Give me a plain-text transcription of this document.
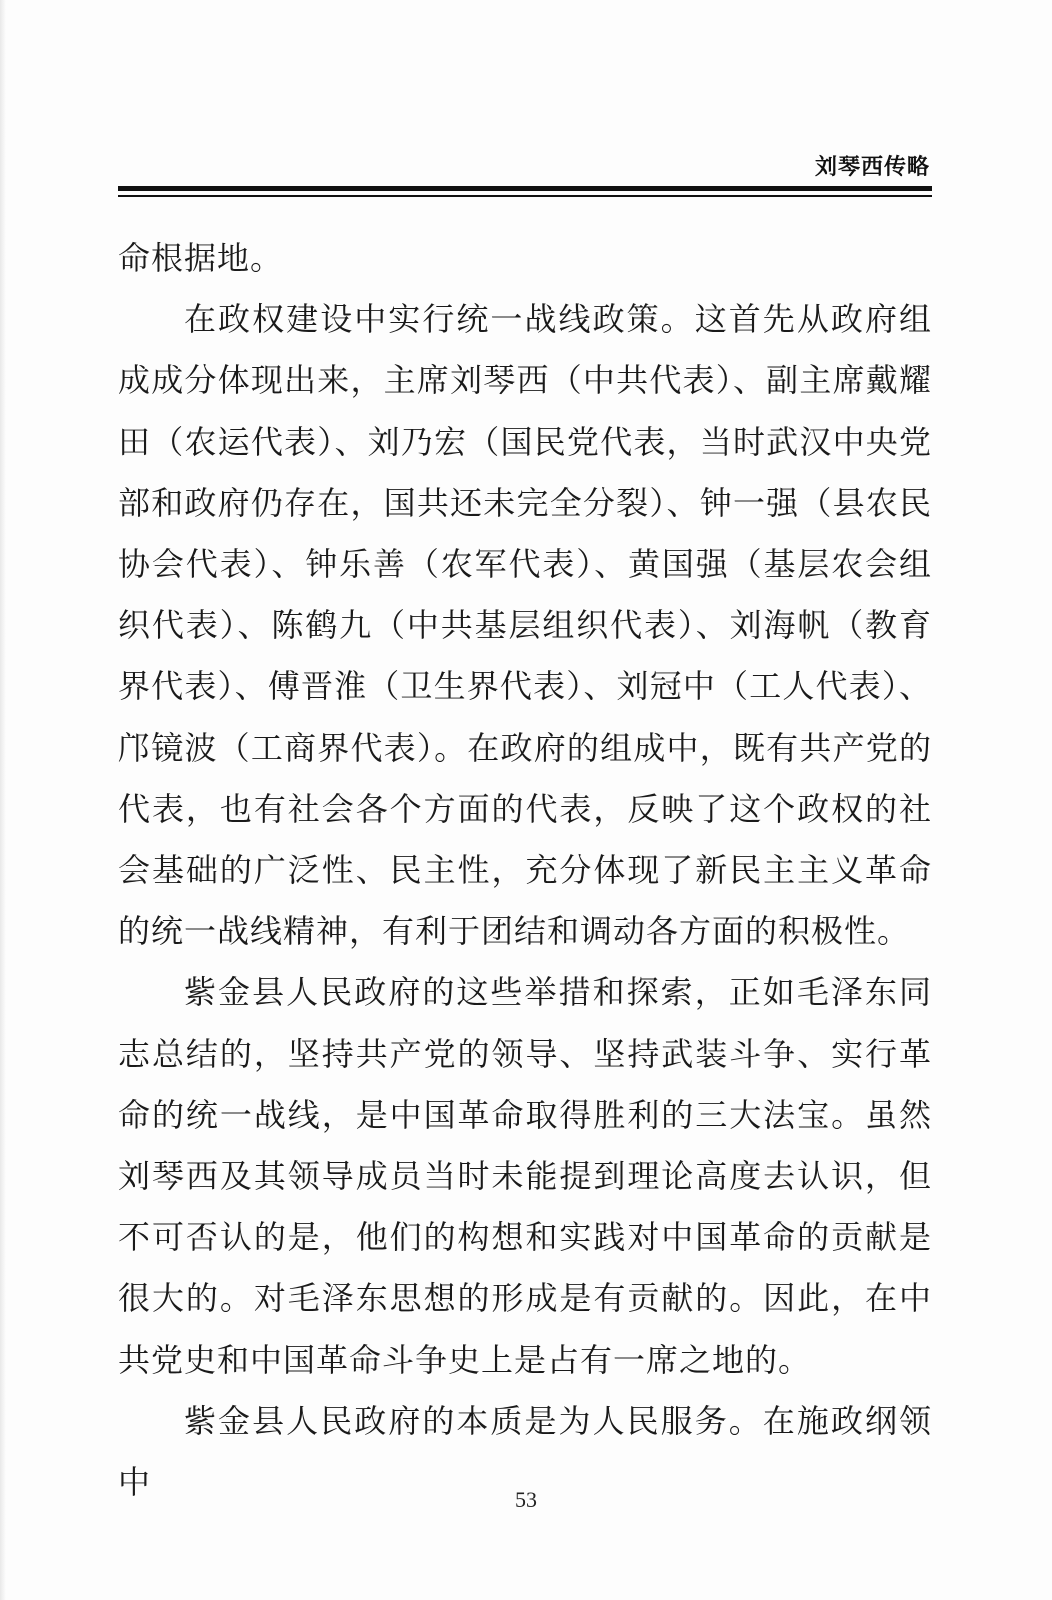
刘琴西传略

命根据地。

在政权建设中实行统一战线政策。这首先从政府组成成分体现出来，主席刘琴西（中共代表）、副主席戴耀田（农运代表）、刘乃宏（国民党代表，当时武汉中央党部和政府仍存在，国共还未完全分裂）、钟一强（县农民协会代表）、钟乐善（农军代表）、黄国强（基层农会组织代表）、陈鹤九（中共基层组织代表）、刘海帆（教育界代表）、傅晋淮（卫生界代表）、刘冠中（工人代表）、邝镜波（工商界代表）。在政府的组成中，既有共产党的代表，也有社会各个方面的代表，反映了这个政权的社会基础的广泛性、民主性，充分体现了新民主主义革命的统一战线精神，有利于团结和调动各方面的积极性。

紫金县人民政府的这些举措和探索，正如毛泽东同志总结的，坚持共产党的领导、坚持武装斗争、实行革命的统一战线，是中国革命取得胜利的三大法宝。虽然刘琴西及其领导成员当时未能提到理论高度去认识，但不可否认的是，他们的构想和实践对中国革命的贡献是很大的。对毛泽东思想的形成是有贡献的。因此，在中共党史和中国革命斗争史上是占有一席之地的。

紫金县人民政府的本质是为人民服务。在施政纲领中	53
